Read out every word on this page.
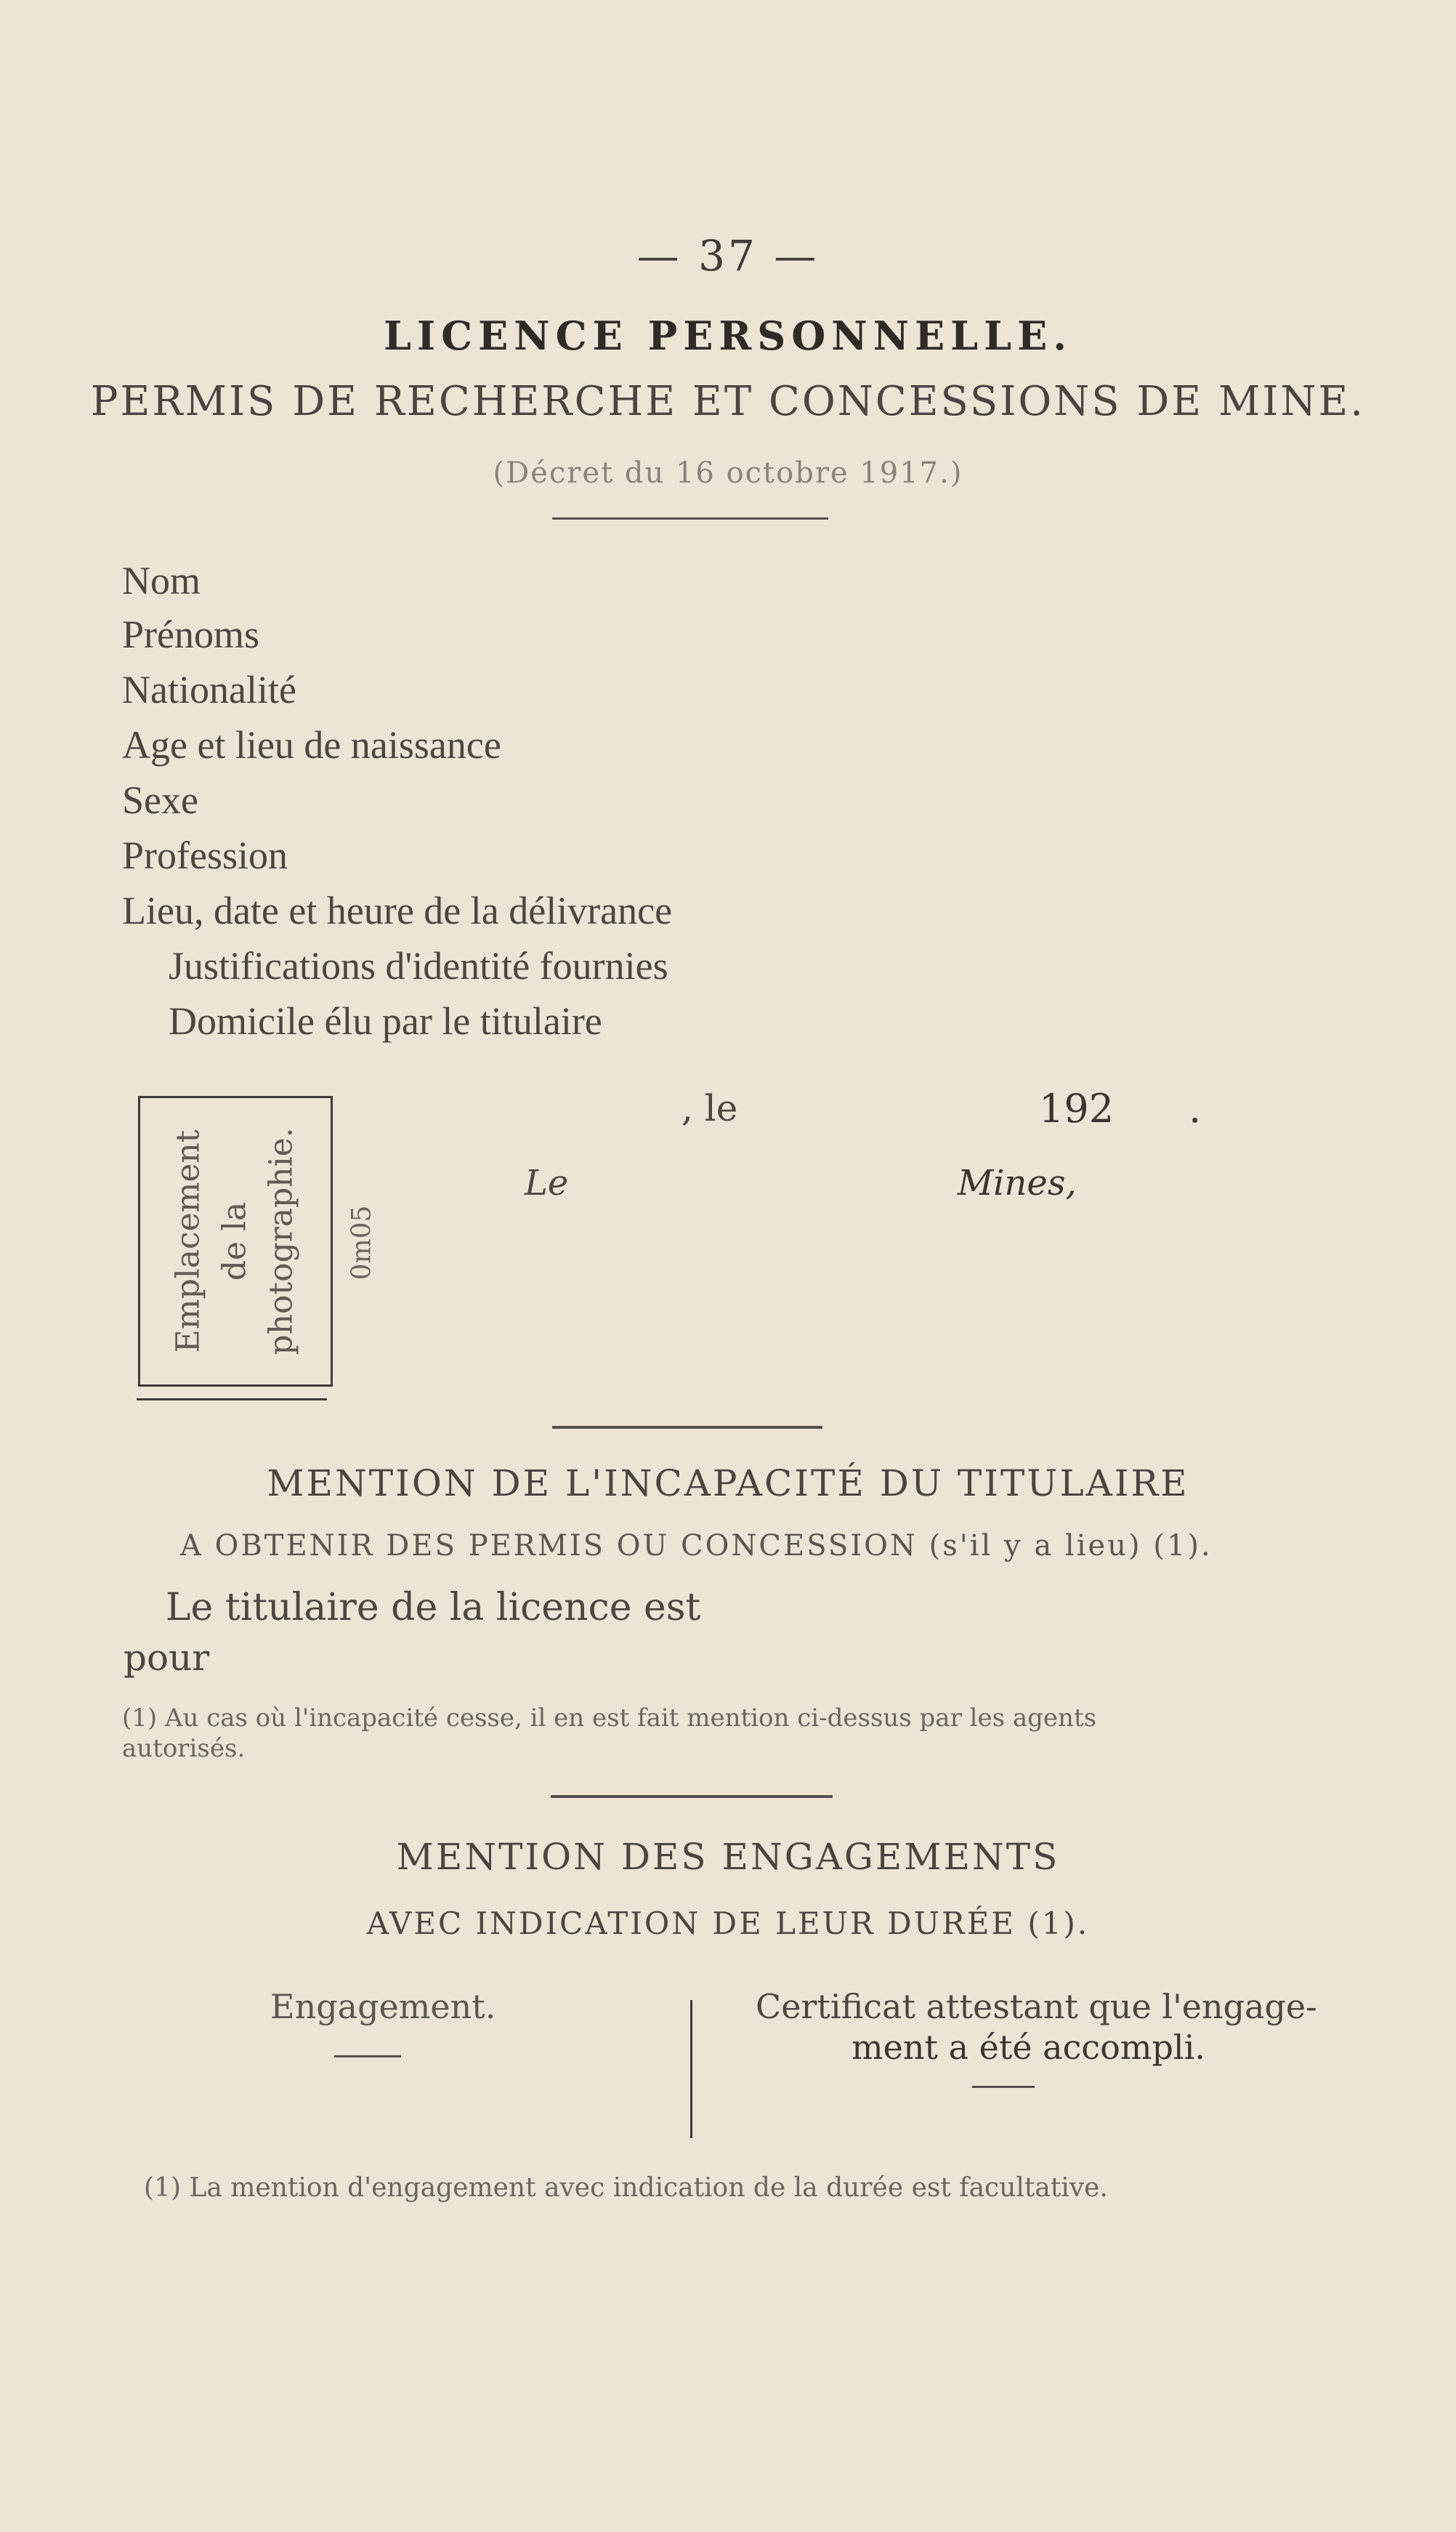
— 37 —
LICENCE PERSONNELLE.
PERMIS DE RECHERCHE ET CONCESSIONS DE MINE.
(Décret du 16 octobre 1917.)
Nom
Prénoms
Nationalité
Age et lieu de naissance
Sexe
Profession
Lieu, date et heure de la délivrance
Justifications d'identité fournies
Domicile élu par le titulaire
Emplacement de la photographie. 0m05
, le	192 .
Le	Mines,
MENTION DE L'INCAPACITÉ DU TITULAIRE
A OBTENIR DES PERMIS OU CONCESSION (s'il y a lieu) (1).
Le titulaire de la licence est
pour
(1) Au cas où l'incapacité cesse, il en est fait mention ci-dessus par les agents
autorisés.
MENTION DES ENGAGEMENTS
AVEC INDICATION DE LEUR DURÉE (1).
Engagement.	Certificat attestant que l'engage-
ment a été accompli.
(1) La mention d'engagement avec indication de la durée est facultative.
